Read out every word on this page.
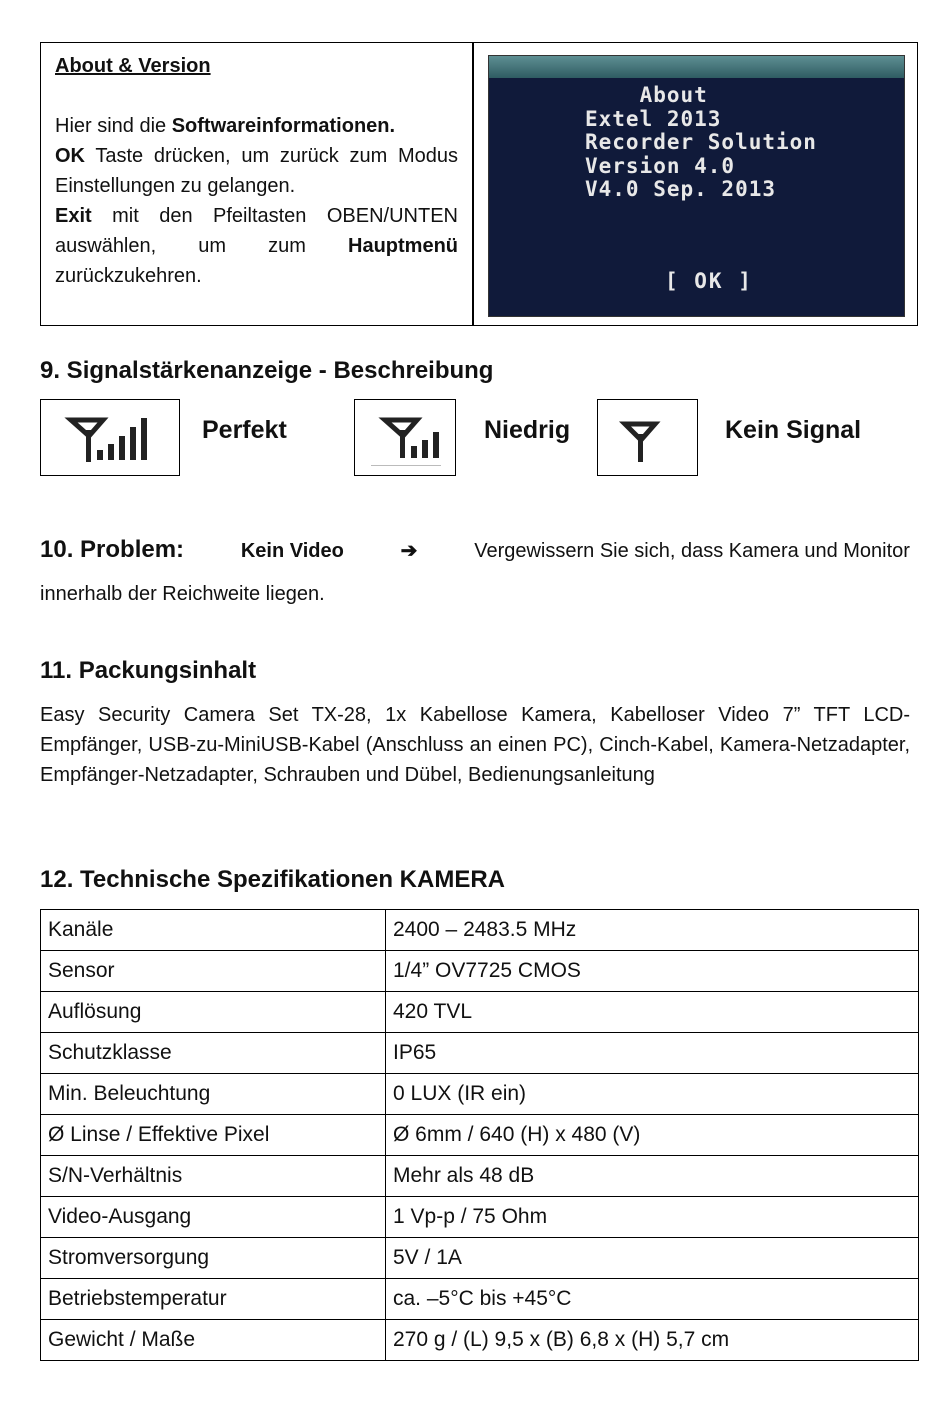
About & Version

Hier sind die Softwareinformationen.
OK Taste drücken, um zurück zum Modus Einstellungen zu gelangen.
Exit mit den Pfeiltasten OBEN/UNTEN auswählen, um zum Hauptmenü zurückzukehren.

About
Extel 2013
Recorder Solution
Version 4.0
V4.0 Sep. 2013
[ OK ]
9. Signalstärkenanzeige - Beschreibung
Perfekt	Niedrig	Kein Signal
10. Problem:	Kein Video	➔	Vergewissern Sie sich, dass Kamera und Monitor
innerhalb der Reichweite liegen.
11. Packungsinhalt
Easy Security Camera Set TX-28, 1x Kabellose Kamera, Kabelloser Video 7” TFT LCD-Empfänger, USB-zu-MiniUSB-Kabel (Anschluss an einen PC), Cinch-Kabel, Kamera-Netzadapter, Empfänger-Netzadapter, Schrauben und Dübel, Bedienungsanleitung
12. Technische Spezifikationen KAMERA
Kanäle	2400 – 2483.5 MHz
Sensor	1/4” OV7725 CMOS
Auflösung	420 TVL
Schutzklasse	IP65
Min. Beleuchtung	0 LUX (IR ein)
Ø Linse / Effektive Pixel	Ø 6mm / 640 (H) x 480 (V)
S/N-Verhältnis	Mehr als 48 dB
Video-Ausgang	1 Vp-p / 75 Ohm
Stromversorgung	5V / 1A
Betriebstemperatur	ca. –5°C bis +45°C
Gewicht / Maße	270 g / (L) 9,5 x (B) 6,8 x (H) 5,7 cm
